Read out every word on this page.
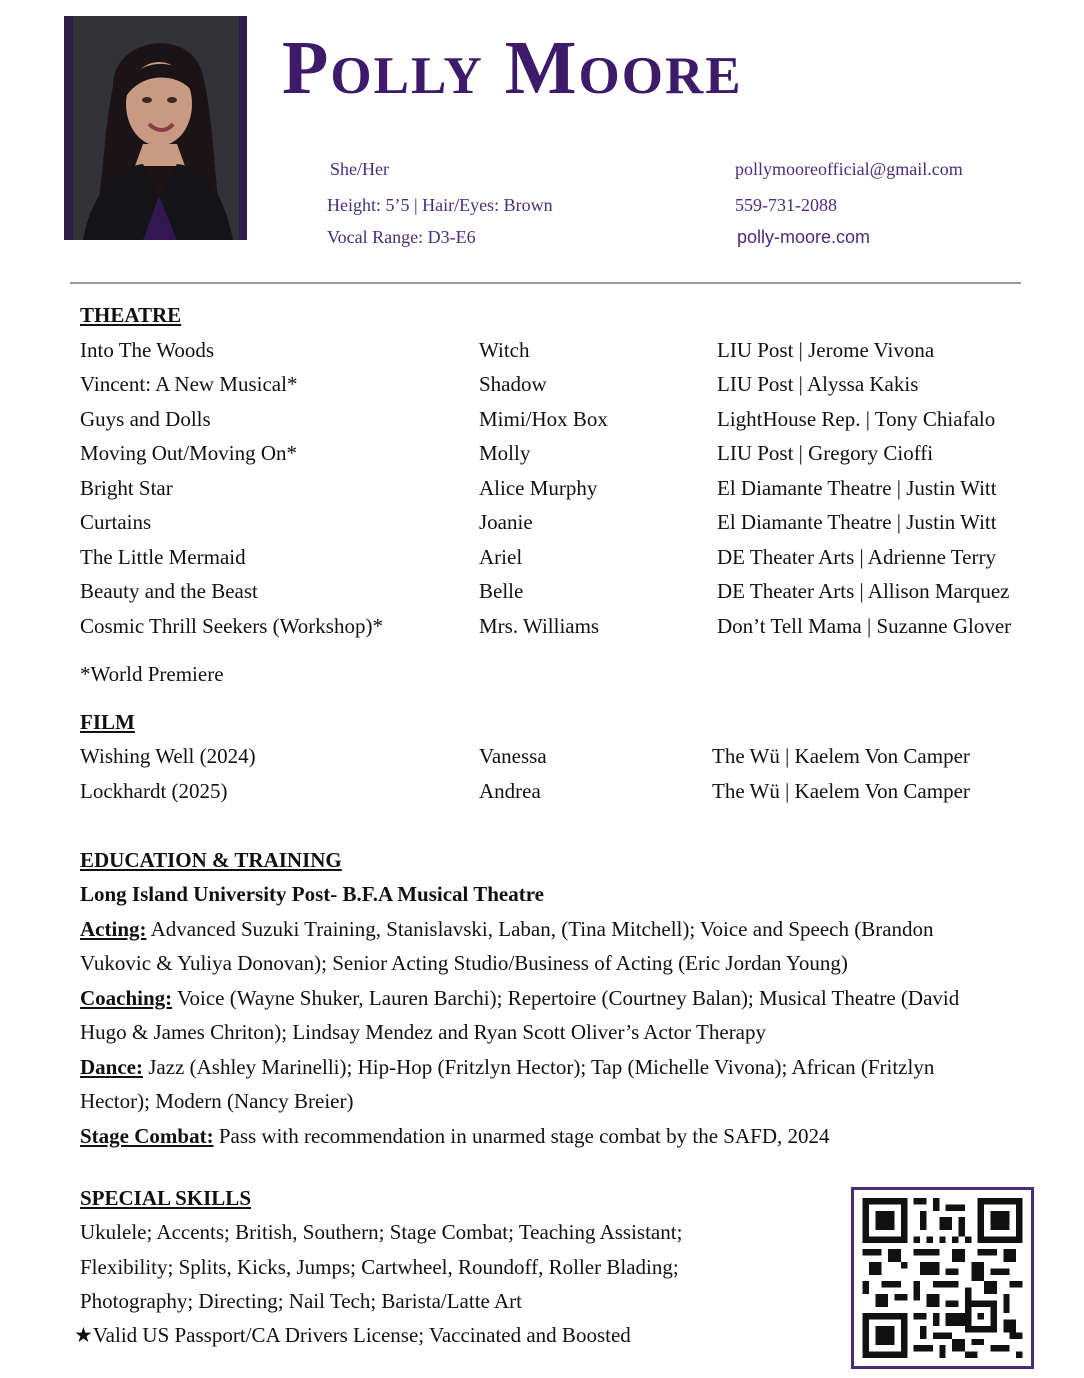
Polly Moore
She/Her
Height: 5’5 | Hair/Eyes: Brown
Vocal Range: D3-E6
pollymooreofficial@gmail.com
559-731-2088
polly-moore.com
THEATRE
Into The Woods	Witch	LIU Post | Jerome Vivona
Vincent: A New Musical*	Shadow	LIU Post | Alyssa Kakis
Guys and Dolls	Mimi/Hox Box	LightHouse Rep. | Tony Chiafalo
Moving Out/Moving On*	Molly	LIU Post | Gregory Cioffi
Bright Star	Alice Murphy	El Diamante Theatre | Justin Witt
Curtains	Joanie	El Diamante Theatre | Justin Witt
The Little Mermaid	Ariel	DE Theater Arts | Adrienne Terry
Beauty and the Beast	Belle	DE Theater Arts | Allison Marquez
Cosmic Thrill Seekers (Workshop)*	Mrs. Williams	Don’t Tell Mama | Suzanne Glover
*World Premiere
FILM
Wishing Well (2024)	Vanessa	The Wü | Kaelem Von Camper
Lockhardt (2025)	Andrea	The Wü | Kaelem Von Camper
EDUCATION & TRAINING
Long Island University Post- B.F.A Musical Theatre
Acting: Advanced Suzuki Training, Stanislavski, Laban, (Tina Mitchell); Voice and Speech (Brandon
Vukovic & Yuliya Donovan); Senior Acting Studio/Business of Acting (Eric Jordan Young)
Coaching: Voice (Wayne Shuker, Lauren Barchi); Repertoire (Courtney Balan); Musical Theatre (David
Hugo & James Chriton); Lindsay Mendez and Ryan Scott Oliver’s Actor Therapy
Dance: Jazz (Ashley Marinelli); Hip-Hop (Fritzlyn Hector); Tap (Michelle Vivona); African (Fritzlyn
Hector); Modern (Nancy Breier)
Stage Combat: Pass with recommendation in unarmed stage combat by the SAFD, 2024
SPECIAL SKILLS
Ukulele; Accents; British, Southern; Stage Combat; Teaching Assistant;
Flexibility; Splits, Kicks, Jumps; Cartwheel, Roundoff, Roller Blading;
Photography; Directing; Nail Tech; Barista/Latte Art
★Valid US Passport/CA Drivers License; Vaccinated and Boosted
